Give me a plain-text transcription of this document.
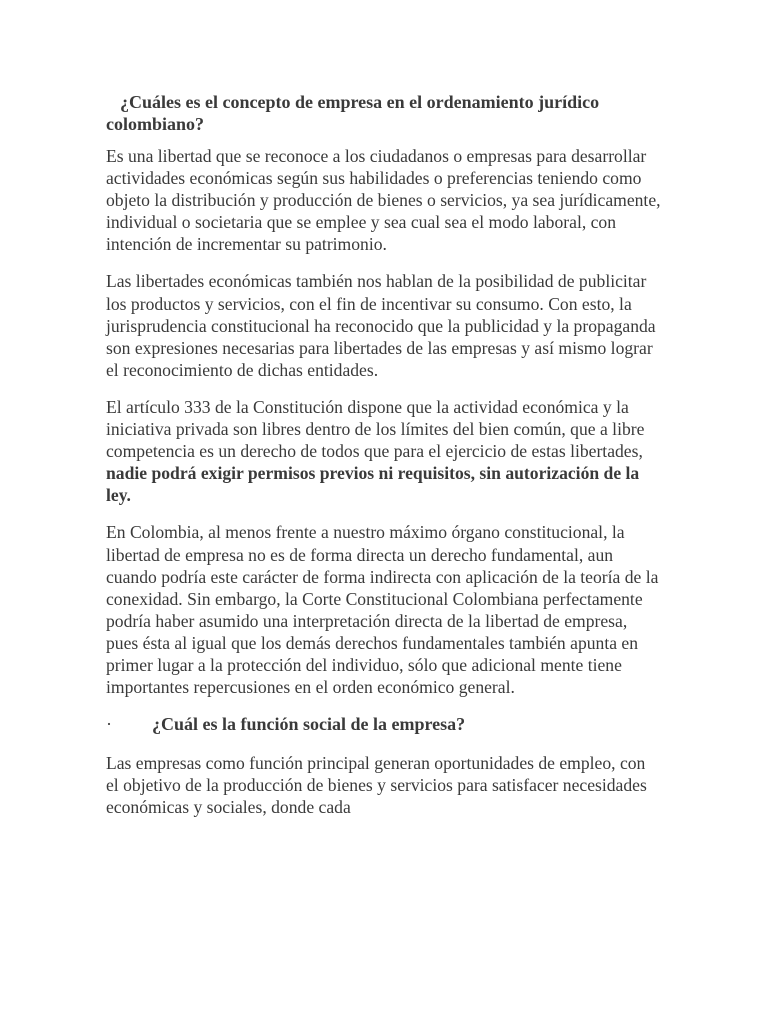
¿Cuáles es el concepto de empresa en el ordenamiento jurídico colombiano?
Es una libertad que se reconoce a los ciudadanos o empresas para desarrollar actividades económicas según sus habilidades o preferencias teniendo como objeto la distribución y producción de bienes o servicios, ya sea jurídicamente, individual o societaria que se emplee y sea cual sea el modo laboral, con intención de incrementar su patrimonio.
Las libertades económicas también nos hablan de la posibilidad de publicitar los productos y servicios, con el fin de incentivar su consumo. Con esto, la jurisprudencia constitucional ha reconocido que la publicidad y la propaganda son expresiones necesarias para libertades de las empresas y así mismo lograr el reconocimiento de dichas entidades.
El artículo 333 de la Constitución dispone que la actividad económica y la iniciativa privada son libres dentro de los límites del bien común, que a libre competencia es un derecho de todos que para el ejercicio de estas libertades, nadie podrá exigir permisos previos ni requisitos, sin autorización de la ley.
En Colombia, al menos frente a nuestro máximo órgano constitucional, la libertad de empresa no es de forma directa un derecho fundamental, aun cuando podría este carácter de forma indirecta con aplicación de la teoría de la conexidad. Sin embargo, la Corte Constitucional Colombiana perfectamente podría haber asumido una interpretación directa de la libertad de empresa, pues ésta al igual que los demás derechos fundamentales también apunta en primer lugar a la protección del individuo, sólo que adicional mente tiene importantes repercusiones en el orden económico general.
·	¿Cuál es la función social de la empresa?
Las empresas como función principal generan oportunidades de empleo, con el objetivo de la producción de bienes y servicios para satisfacer necesidades económicas y sociales, donde cada
